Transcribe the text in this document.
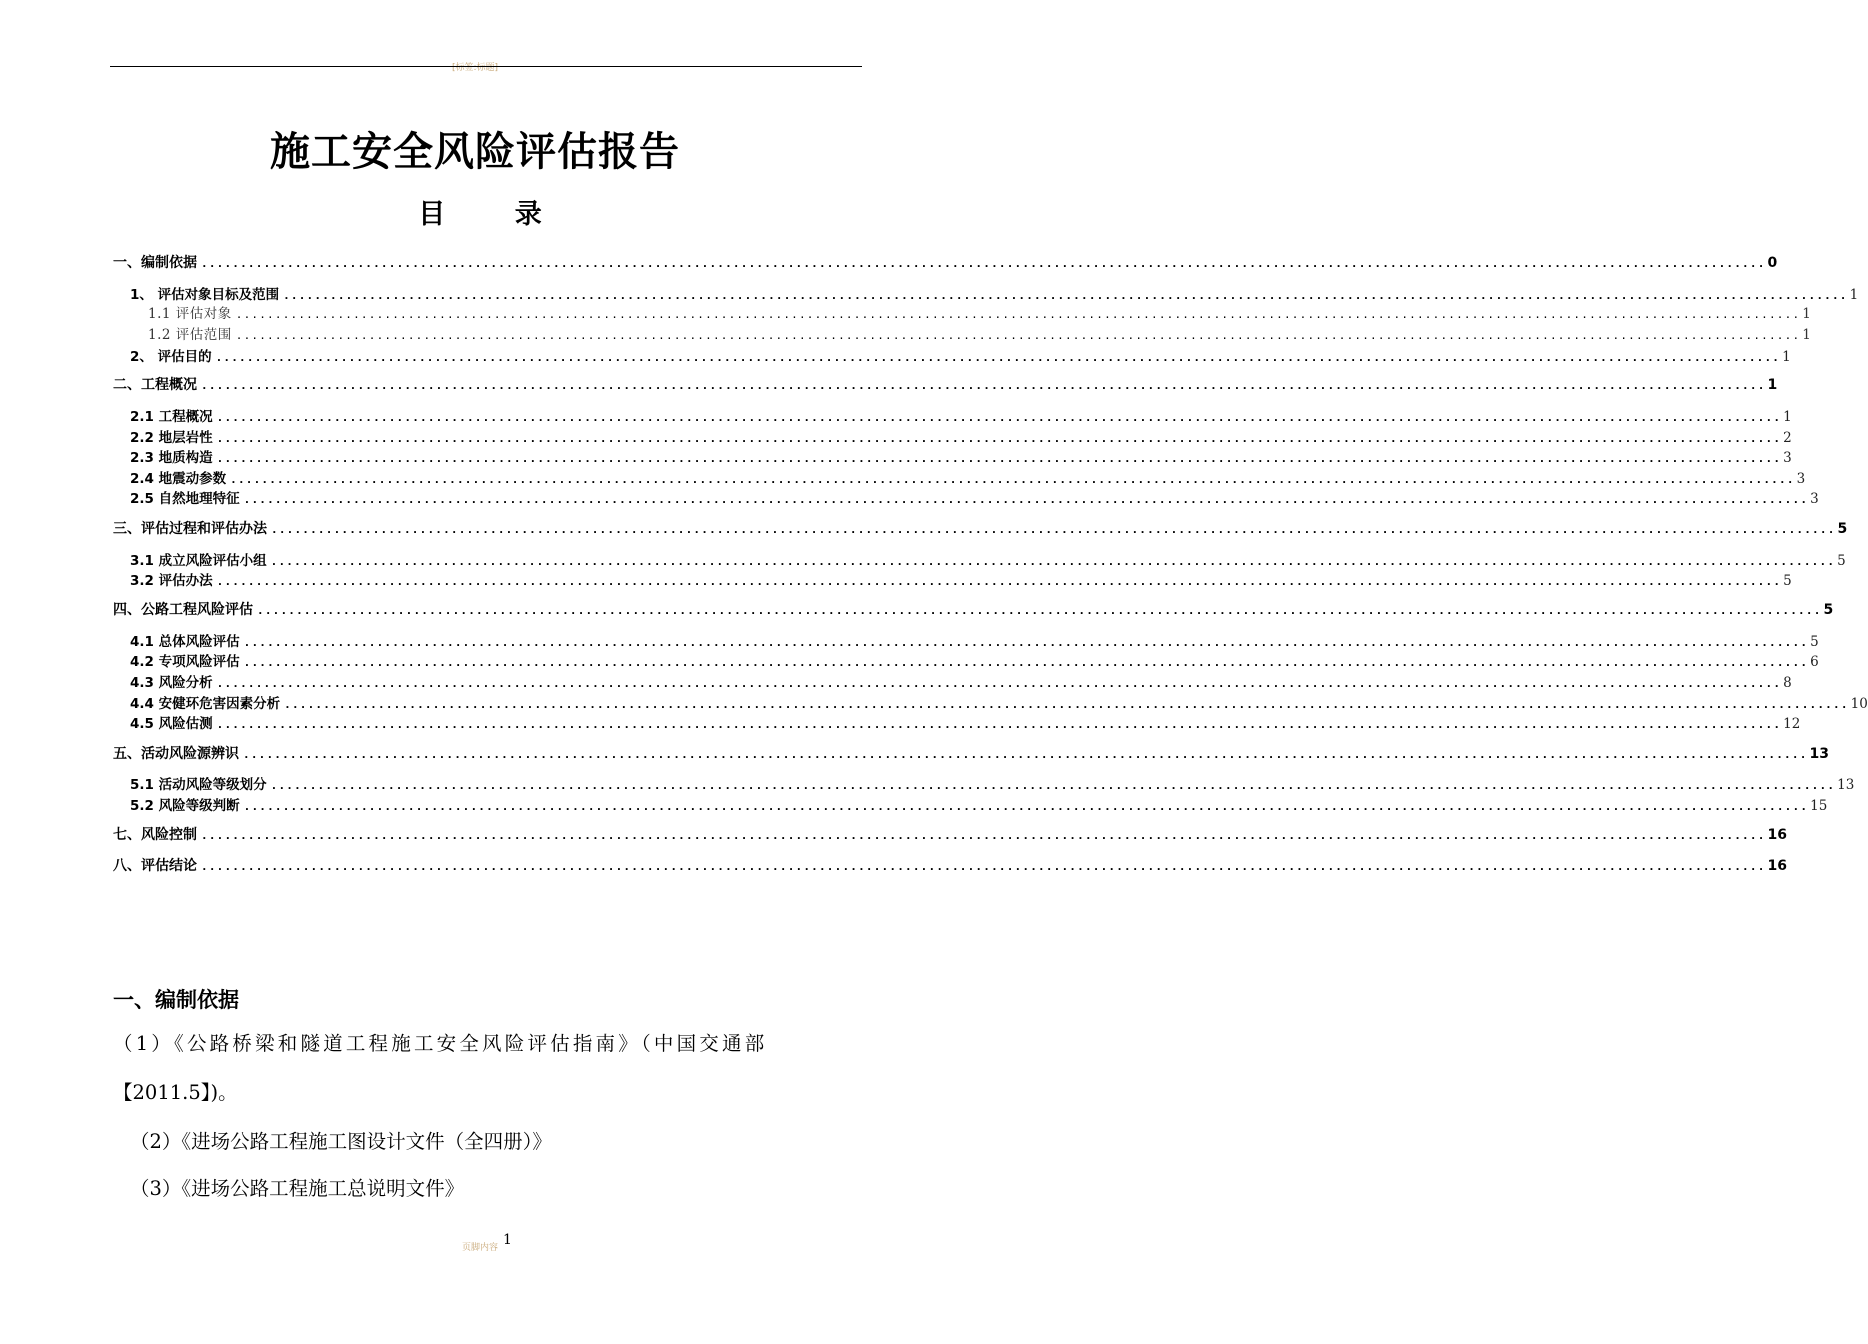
[标签:标题]
施工安全风险评估报告
目 录
一、编制依据 ........................................................................................................................................................................................................ 0
1、 评估对象目标及范围 ........................................................................................................................................................................................................ 1
1.1 评估对象 ........................................................................................................................................................................................................ 1
1.2 评估范围 ........................................................................................................................................................................................................ 1
2、 评估目的 ........................................................................................................................................................................................................ 1
二、工程概况 ........................................................................................................................................................................................................ 1
2.1 工程概况 ........................................................................................................................................................................................................ 1
2.2 地层岩性 ........................................................................................................................................................................................................ 2
2.3 地质构造 ........................................................................................................................................................................................................ 3
2.4 地震动参数 ........................................................................................................................................................................................................ 3
2.5 自然地理特征 ........................................................................................................................................................................................................ 3
三、评估过程和评估办法 ........................................................................................................................................................................................................ 5
3.1 成立风险评估小组 ........................................................................................................................................................................................................ 5
3.2 评估办法 ........................................................................................................................................................................................................ 5
四、公路工程风险评估 ........................................................................................................................................................................................................ 5
4.1 总体风险评估 ........................................................................................................................................................................................................ 5
4.2 专项风险评估 ........................................................................................................................................................................................................ 6
4.3 风险分析 ........................................................................................................................................................................................................ 8
4.4 安健环危害因素分析 ........................................................................................................................................................................................................ 10
4.5 风险估测 ........................................................................................................................................................................................................ 12
五、活动风险源辨识 ........................................................................................................................................................................................................ 13
5.1 活动风险等级划分 ........................................................................................................................................................................................................ 13
5.2 风险等级判断 ........................................................................................................................................................................................................ 15
七、风险控制 ........................................................................................................................................................................................................ 16
八、评估结论 ........................................................................................................................................................................................................ 16
一、编制依据
（1）《公路桥梁和隧道工程施工安全风险评估指南》（中国交通部
【2011.5】)。
（2）《进场公路工程施工图设计文件（全四册）》
（3）《进场公路工程施工总说明文件》
页脚内容 1
